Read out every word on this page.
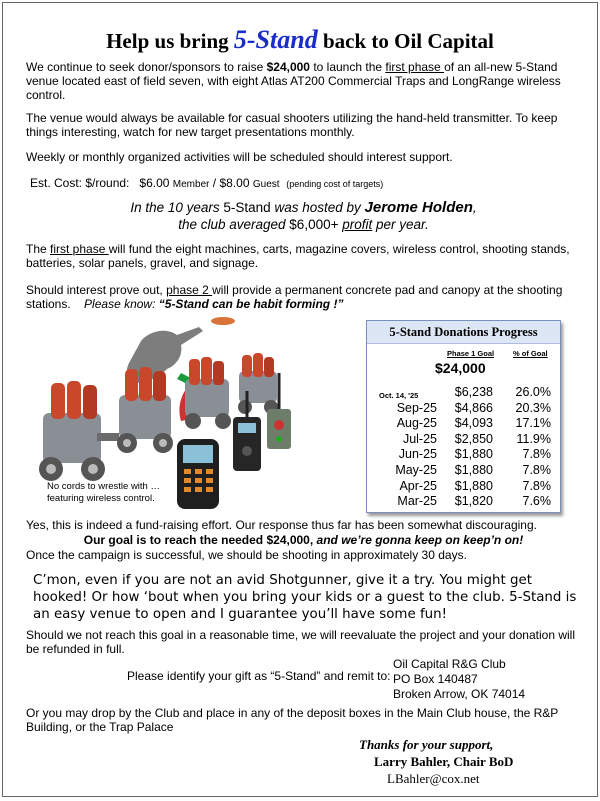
Help us bring 5-Stand back to Oil Capital
We continue to seek donor/sponsors to raise $24,000 to launch the first phase of an all-new 5-Stand venue located east of field seven, with eight Atlas AT200 Commercial Traps and LongRange wireless control.
The venue would always be available for casual shooters utilizing the hand-held transmitter. To keep things interesting, watch for new target presentations monthly.
Weekly or monthly organized activities will be scheduled should interest support.
Est. Cost: $/round: $6.00 Member / $8.00 Guest (pending cost of targets)
In the 10 years 5-Stand was hosted by Jerome Holden,
the club averaged $6,000+ profit per year.
The first phase will fund the eight machines, carts, magazine covers, wireless control, shooting stands, batteries, solar panels, gravel, and signage.
Should interest prove out, phase 2 will provide a permanent concrete pad and canopy at the shooting stations. Please know: “5-Stand can be habit forming !”
No cords to wrestle with … featuring wireless control.
5-Stand Donations Progress
Phase 1 Goal	% of Goal
$24,000
Oct. 14, '25	$6,238	26.0%
Sep-25	$4,866	20.3%
Aug-25	$4,093	17.1%
Jul-25	$2,850	11.9%
Jun-25	$1,880	7.8%
May-25	$1,880	7.8%
Apr-25	$1,880	7.8%
Mar-25	$1,820	7.6%
Yes, this is indeed a fund-raising effort. Our response thus far has been somewhat discouraging.
Our goal is to reach the needed $24,000, and we’re gonna keep on keep’n on!
Once the campaign is successful, we should be shooting in approximately 30 days.
C’mon, even if you are not an avid Shotgunner, give it a try. You might get hooked! Or how ‘bout when you bring your kids or a guest to the club. 5-Stand is an easy venue to open and I guarantee you’ll have some fun!
Should we not reach this goal in a reasonable time, we will reevaluate the project and your donation will be refunded in full.
Please identify your gift as “5-Stand” and remit to:
Oil Capital R&G Club
PO Box 140487
Broken Arrow, OK 74014
Or you may drop by the Club and place in any of the deposit boxes in the Main Club house, the R&P Building, or the Trap Palace
Thanks for your support,
Larry Bahler, Chair BoD
LBahler@cox.net
